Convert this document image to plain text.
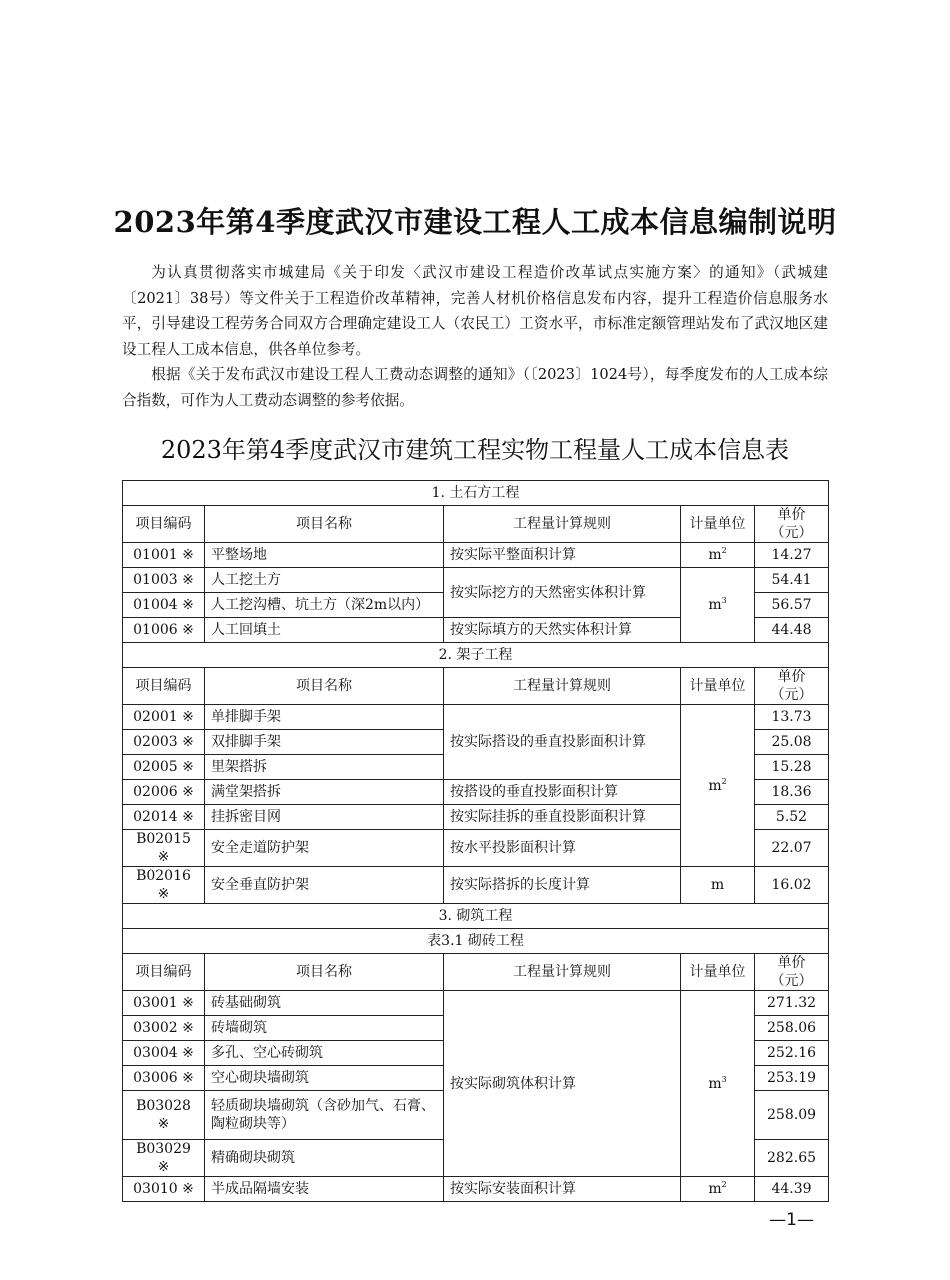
2023年第4季度武汉市建设工程人工成本信息编制说明

为认真贯彻落实市城建局《关于印发〈武汉市建设工程造价改革试点实施方案〉的通知》（武城建〔2021〕38号）等文件关于工程造价改革精神，完善人材机价格信息发布内容，提升工程造价信息服务水平，引导建设工程劳务合同双方合理确定建设工人（农民工）工资水平，市标准定额管理站发布了武汉地区建设工程人工成本信息，供各单位参考。

根据《关于发布武汉市建设工程人工费动态调整的通知》（〔2023〕1024号），每季度发布的人工成本综合指数，可作为人工费动态调整的参考依据。

2023年第4季度武汉市建筑工程实物工程量人工成本信息表
1. 土石方工程				
项目编码	项目名称	工程量计算规则	计量单位	单价（元）
01001 ※	平整场地	按实际平整面积计算	$m^2$	14.27
01003 ※	人工挖土方	按实际挖方的天然密实体积计算	$m^3$	54.41
01004 ※	人工挖沟槽、坑土方（深2m以内）			56.57
01006 ※	人工回填土	按实际填方的天然实体积计算		44.48
2. 架子工程				
项目编码	项目名称	工程量计算规则	计量单位	单价（元）
02001 ※	单排脚手架	按实际搭设的垂直投影面积计算	$m^2$	13.73
02003 ※	双排脚手架			25.08
02005 ※	里架搭拆			15.28
02006 ※	满堂架搭拆	按搭设的垂直投影面积计算		18.36
02014 ※	挂拆密目网	按实际挂拆的垂直投影面积计算		5.52
B02015 ※	安全走道防护架	按水平投影面积计算		22.07
B02016 ※	安全垂直防护架	按实际搭拆的长度计算	m	16.02
3. 砌筑工程				
表3.1 砌砖工程				
项目编码	项目名称	工程量计算规则	计量单位	单价（元）
03001 ※	砖基础砌筑	按实际砌筑体积计算	$m^3$	271.32
03002 ※	砖墙砌筑			258.06
03004 ※	多孔、空心砖砌筑			252.16
03006 ※	空心砌块墙砌筑			253.19
B03028 ※	轻质砌块墙砌筑（含砂加气、石膏、陶粒砌块等）			258.09
B03029 ※	精确砌块砌筑			282.65
03010 ※	半成品隔墙安装	按实际安装面积计算	$m^2$	44.39
—1—
